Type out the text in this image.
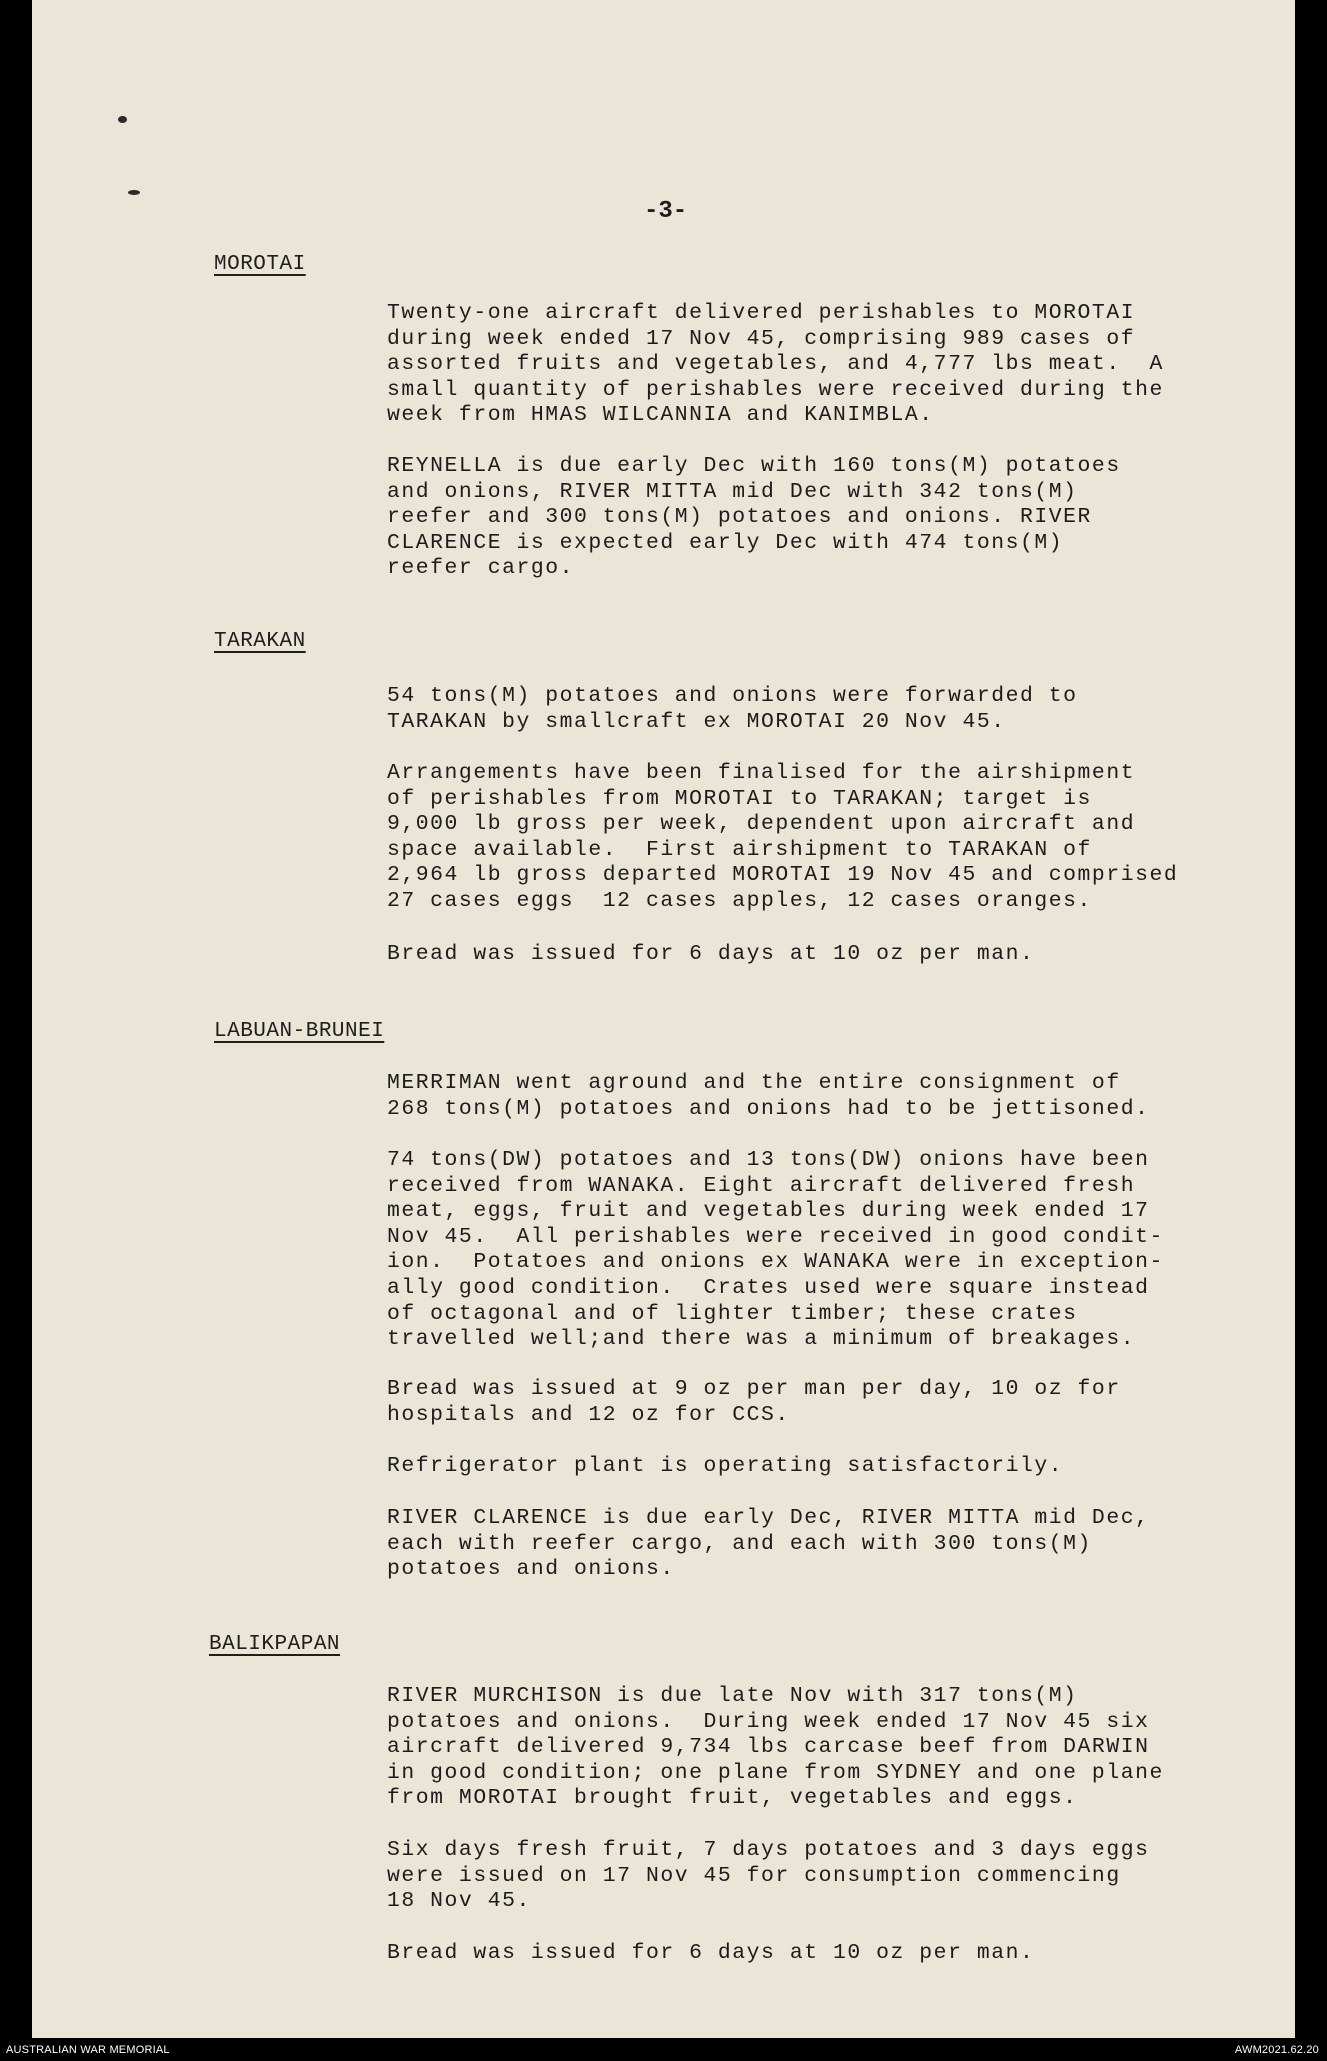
-3-
MOROTAI

Twenty-one aircraft delivered perishables to MOROTAI
during week ended 17 Nov 45, comprising 989 cases of
assorted fruits and vegetables, and 4,777 lbs meat.  A
small quantity of perishables were received during the
week from HMAS WILCANNIA and KANIMBLA.

REYNELLA is due early Dec with 160 tons(M) potatoes
and onions, RIVER MITTA mid Dec with 342 tons(M)
reefer and 300 tons(M) potatoes and onions. RIVER
CLARENCE is expected early Dec with 474 tons(M)
reefer cargo.

TARAKAN

54 tons(M) potatoes and onions were forwarded to
TARAKAN by smallcraft ex MOROTAI 20 Nov 45.

Arrangements have been finalised for the airshipment
of perishables from MOROTAI to TARAKAN; target is
9,000 lb gross per week, dependent upon aircraft and
space available.  First airshipment to TARAKAN of
2,964 lb gross departed MOROTAI 19 Nov 45 and comprised
27 cases eggs  12 cases apples, 12 cases oranges.

Bread was issued for 6 days at 10 oz per man.

LABUAN-BRUNEI

MERRIMAN went aground and the entire consignment of
268 tons(M) potatoes and onions had to be jettisoned.

74 tons(DW) potatoes and 13 tons(DW) onions have been
received from WANAKA. Eight aircraft delivered fresh
meat, eggs, fruit and vegetables during week ended 17
Nov 45.  All perishables were received in good condit-
ion.  Potatoes and onions ex WANAKA were in exception-
ally good condition.  Crates used were square instead
of octagonal and of lighter timber; these crates
travelled well;and there was a minimum of breakages.

Bread was issued at 9 oz per man per day, 10 oz for
hospitals and 12 oz for CCS.

Refrigerator plant is operating satisfactorily.

RIVER CLARENCE is due early Dec, RIVER MITTA mid Dec,
each with reefer cargo, and each with 300 tons(M)
potatoes and onions.

BALIKPAPAN

RIVER MURCHISON is due late Nov with 317 tons(M)
potatoes and onions.  During week ended 17 Nov 45 six
aircraft delivered 9,734 lbs carcase beef from DARWIN
in good condition; one plane from SYDNEY and one plane
from MOROTAI brought fruit, vegetables and eggs.

Six days fresh fruit, 7 days potatoes and 3 days eggs
were issued on 17 Nov 45 for consumption commencing
18 Nov 45.

Bread was issued for 6 days at 10 oz per man.

AUSTRALIAN WAR MEMORIAL	AWM2021.62.20
